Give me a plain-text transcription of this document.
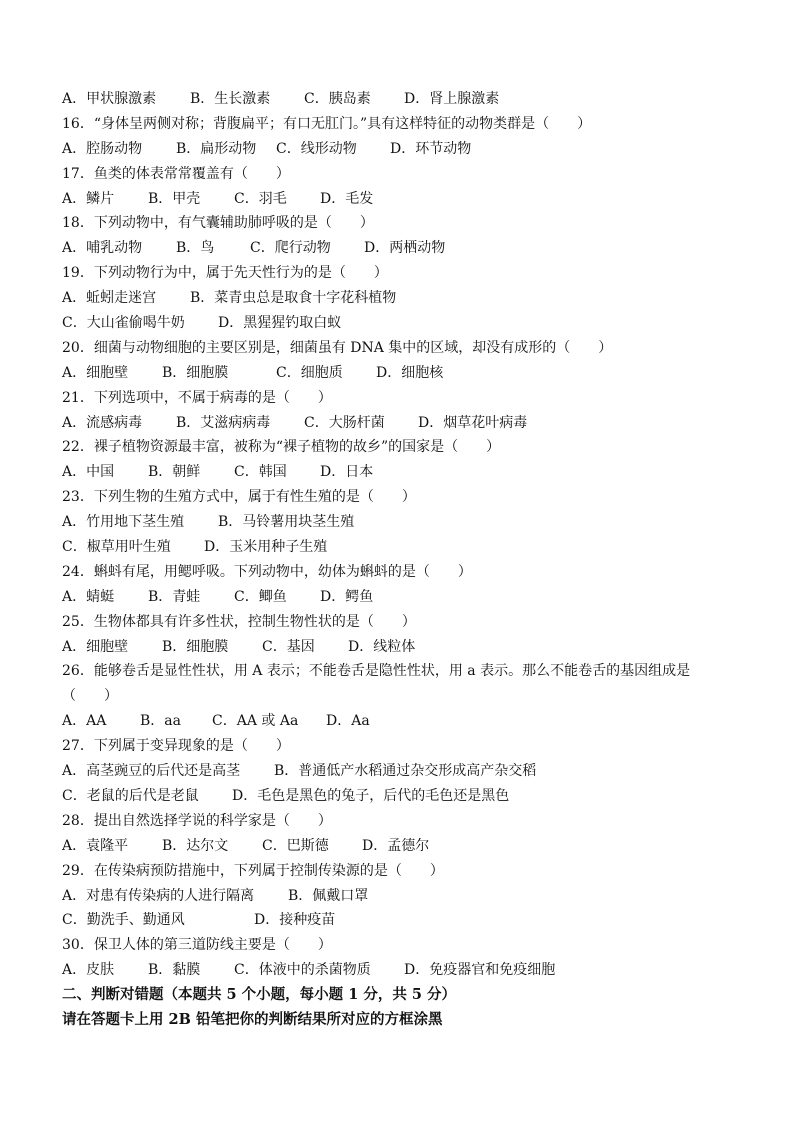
A．甲状腺激素	B．生长激素	C．胰岛素	D．肾上腺激素
16．“身体呈两侧对称；背腹扁平；有口无肛门。”具有这样特征的动物类群是（　　）
A．腔肠动物	B．扁形动物	C．线形动物	D．环节动物
17．鱼类的体表常常覆盖有（　　）
A．鳞片	B．甲壳	C．羽毛	D．毛发
18．下列动物中，有气囊辅助肺呼吸的是（　　）
A．哺乳动物	B．鸟	C．爬行动物	D．两栖动物
19．下列动物行为中，属于先天性行为的是（　　）
A．蚯蚓走迷宫	B．菜青虫总是取食十字花科植物
C．大山雀偷喝牛奶	D．黑猩猩钓取白蚁
20．细菌与动物细胞的主要区别是，细菌虽有 DNA 集中的区域，却没有成形的（　　）
A．细胞壁	B．细胞膜	C．细胞质	D．细胞核
21．下列选项中，不属于病毒的是（　　）
A．流感病毒	B．艾滋病病毒	C．大肠杆菌	D．烟草花叶病毒
22．裸子植物资源最丰富，被称为“裸子植物的故乡”的国家是（　　）
A．中国	B．朝鲜	C．韩国	D．日本
23．下列生物的生殖方式中，属于有性生殖的是（　　）
A．竹用地下茎生殖	B．马铃薯用块茎生殖
C．椒草用叶生殖	D．玉米用种子生殖
24．蝌蚪有尾，用鳃呼吸。下列动物中，幼体为蝌蚪的是（　　）
A．蜻蜓	B．青蛙	C．鲫鱼	D．鳄鱼
25．生物体都具有许多性状，控制生物性状的是（　　）
A．细胞壁	B．细胞膜	C．基因	D．线粒体
26．能够卷舌是显性性状，用 A 表示；不能卷舌是隐性性状，用 a 表示。那么不能卷舌的基因组成是
（　　）
A．AA	B．aa	C．AA 或 Aa	D．Aa
27．下列属于变异现象的是（　　）
A．高茎豌豆的后代还是高茎	B．普通低产水稻通过杂交形成高产杂交稻
C．老鼠的后代是老鼠	D．毛色是黑色的兔子，后代的毛色还是黑色
28．提出自然选择学说的科学家是（　　）
A．袁隆平	B．达尔文	C．巴斯德	D．孟德尔
29．在传染病预防措施中，下列属于控制传染源的是（　　）
A．对患有传染病的人进行隔离	B．佩戴口罩
C．勤洗手、勤通风	D．接种疫苗
30．保卫人体的第三道防线主要是（　　）
A．皮肤	B．黏膜	C．体液中的杀菌物质	D．免疫器官和免疫细胞
二、判断对错题（本题共 5 个小题，每小题 1 分，共 5 分）
请在答题卡上用 2B 铅笔把你的判断结果所对应的方框涂黑
